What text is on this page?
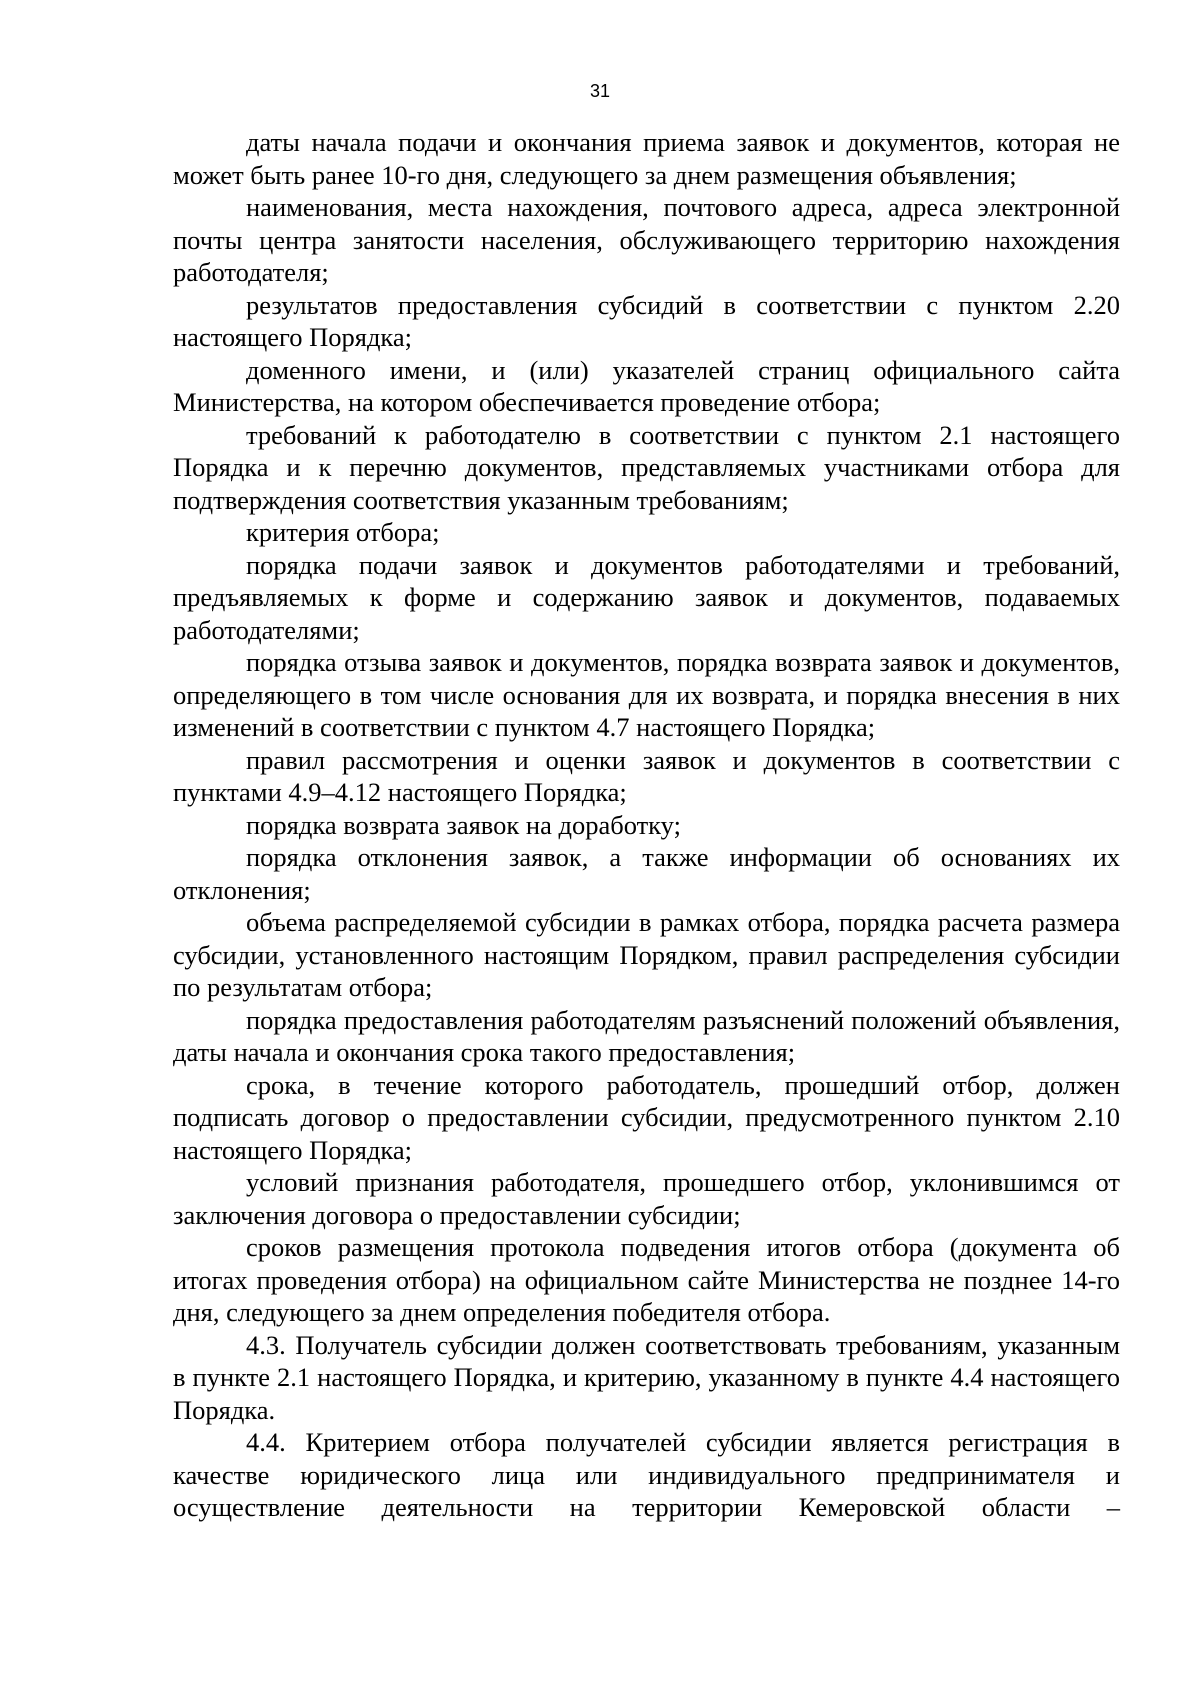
31

даты начала подачи и окончания приема заявок и документов, которая не может быть ранее 10-го дня, следующего за днем размещения объявления;

наименования, места нахождения, почтового адреса, адреса электронной почты центра занятости населения, обслуживающего территорию нахождения работодателя;

результатов предоставления субсидий в соответствии с пунктом 2.20 настоящего Порядка;

доменного имени, и (или) указателей страниц официального сайта Министерства, на котором обеспечивается проведение отбора;

требований к работодателю в соответствии с пунктом 2.1 настоящего Порядка и к перечню документов, представляемых участниками отбора для подтверждения соответствия указанным требованиям;

критерия отбора;

порядка подачи заявок и документов работодателями и требований, предъявляемых к форме и содержанию заявок и документов, подаваемых работодателями;

порядка отзыва заявок и документов, порядка возврата заявок и документов, определяющего в том числе основания для их возврата, и порядка внесения в них изменений в соответствии с пунктом 4.7 настоящего Порядка;

правил рассмотрения и оценки заявок и документов в соответствии с пунктами 4.9–4.12 настоящего Порядка;

порядка возврата заявок на доработку;

порядка отклонения заявок, а также информации об основаниях их отклонения;

объема распределяемой субсидии в рамках отбора, порядка расчета размера субсидии, установленного настоящим Порядком, правил распределения субсидии по результатам отбора;

порядка предоставления работодателям разъяснений положений объявления, даты начала и окончания срока такого предоставления;

срока, в течение которого работодатель, прошедший отбор, должен подписать договор о предоставлении субсидии, предусмотренного пунктом 2.10 настоящего Порядка;

условий признания работодателя, прошедшего отбор, уклонившимся от заключения договора о предоставлении субсидии;

сроков размещения протокола подведения итогов отбора (документа об итогах проведения отбора) на официальном сайте Министерства не позднее 14-го дня, следующего за днем определения победителя отбора.

4.3. Получатель субсидии должен соответствовать требованиям, указанным в пункте 2.1 настоящего Порядка, и критерию, указанному в пункте 4.4 настоящего Порядка.

4.4. Критерием отбора получателей субсидии является регистрация в качестве юридического лица или индивидуального предпринимателя и осуществление деятельности на территории Кемеровской области –
